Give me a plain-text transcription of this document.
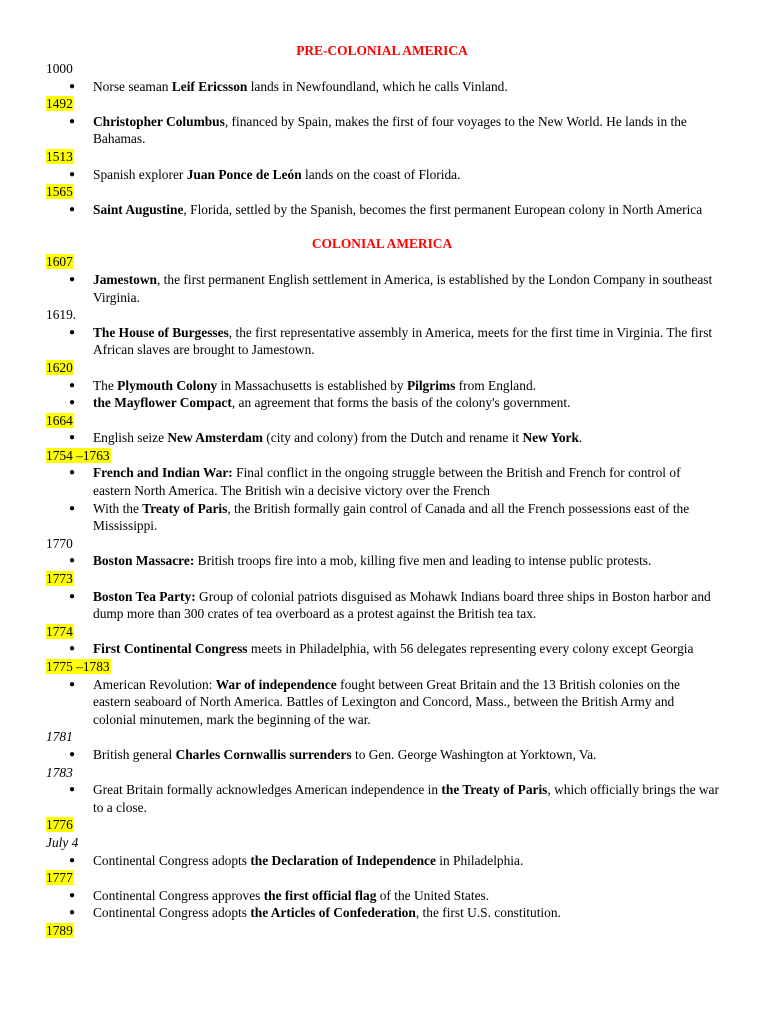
PRE-COLONIAL AMERICA
1000
● Norse seaman Leif Ericsson lands in Newfoundland, which he calls Vinland.
1492
● Christopher Columbus, financed by Spain, makes the first of four voyages to the New World. He lands in the Bahamas.
1513
● Spanish explorer Juan Ponce de León lands on the coast of Florida.
1565
● Saint Augustine, Florida, settled by the Spanish, becomes the first permanent European colony in North America
COLONIAL AMERICA
1607
● Jamestown, the first permanent English settlement in America, is established by the London Company in southeast Virginia.
1619.
● The House of Burgesses, the first representative assembly in America, meets for the first time in Virginia. The first African slaves are brought to Jamestown.
1620
● The Plymouth Colony in Massachusetts is established by Pilgrims from England.
● the Mayflower Compact, an agreement that forms the basis of the colony's government.
1664
● English seize New Amsterdam (city and colony) from the Dutch and rename it New York.
1754 –1763
● French and Indian War: Final conflict in the ongoing struggle between the British and French for control of eastern North America. The British win a decisive victory over the French
● With the Treaty of Paris, the British formally gain control of Canada and all the French possessions east of the Mississippi.
1770
● Boston Massacre: British troops fire into a mob, killing five men and leading to intense public protests.
1773
● Boston Tea Party: Group of colonial patriots disguised as Mohawk Indians board three ships in Boston harbor and dump more than 300 crates of tea overboard as a protest against the British tea tax.
1774
● First Continental Congress meets in Philadelphia, with 56 delegates representing every colony except Georgia
1775 –1783
● American Revolution: War of independence fought between Great Britain and the 13 British colonies on the eastern seaboard of North America. Battles of Lexington and Concord, Mass., between the British Army and colonial minutemen, mark the beginning of the war.
1781
● British general Charles Cornwallis surrenders to Gen. George Washington at Yorktown, Va.
1783
● Great Britain formally acknowledges American independence in the Treaty of Paris, which officially brings the war to a close.
1776
July 4
● Continental Congress adopts the Declaration of Independence in Philadelphia.
1777
● Continental Congress approves the first official flag of the United States.
● Continental Congress adopts the Articles of Confederation, the first U.S. constitution.
1789
